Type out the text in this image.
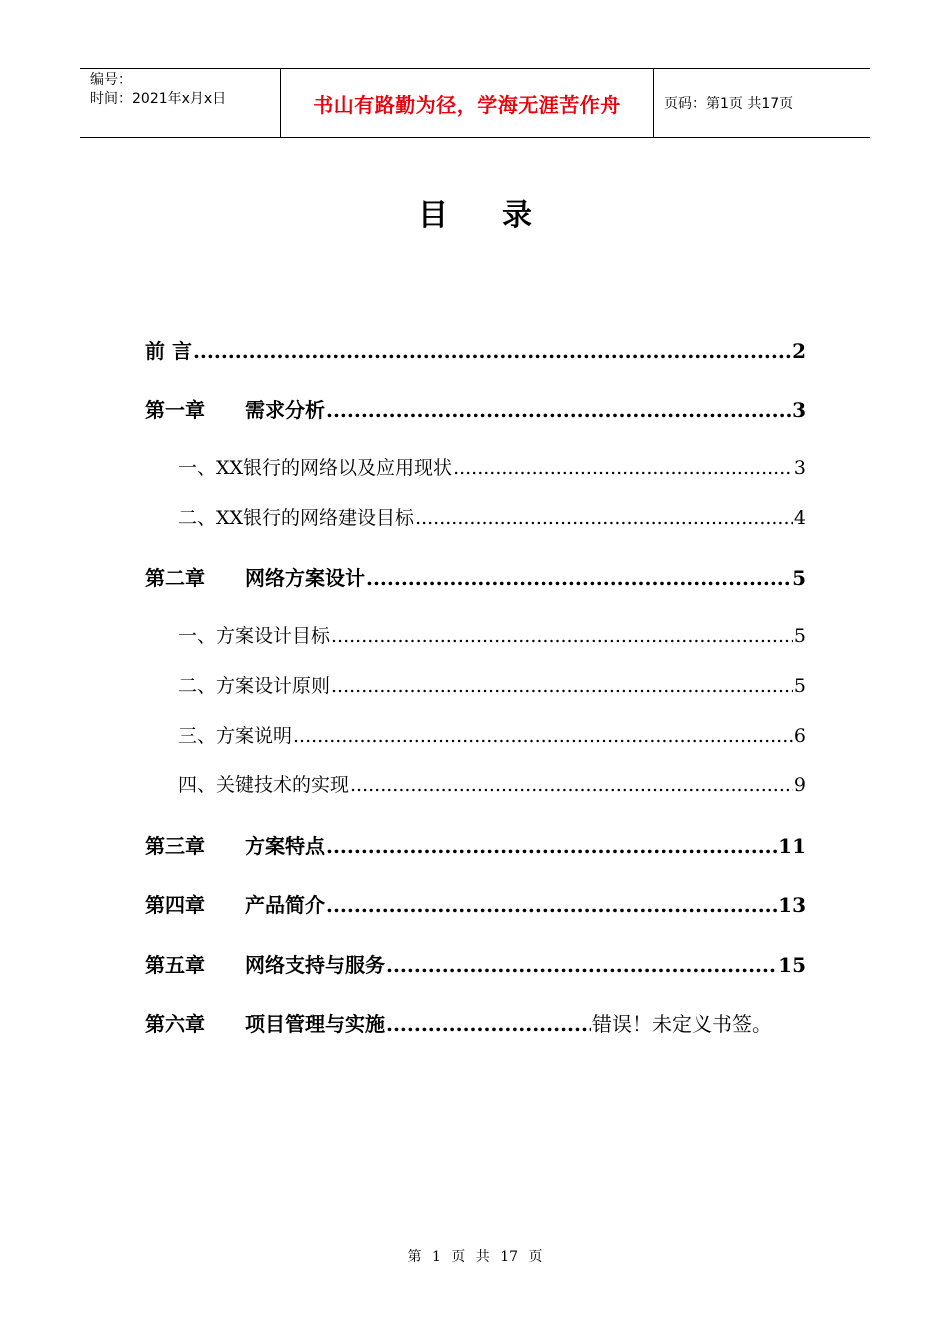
编号：
时间：2021年x月x日	书山有路勤为径，学海无涯苦作舟	页码：第1页 共17页
目录
前 言 .....	2
第一章	需求分析 .....	3
一、XX银行的网络以及应用现状 .....	3
二、XX银行的网络建设目标 .....	4
第二章	网络方案设计 .....	5
一、方案设计目标 .....	5
二、方案设计原则 .....	5
三、方案说明 .....	6
四、关键技术的实现 .....	9
第三章	方案特点 .....	11
第四章	产品简介 .....	13
第五章	网络支持与服务 .....	15
第六章	项目管理与实施 .....	错误！未定义书签。
第 1 页 共 17 页
